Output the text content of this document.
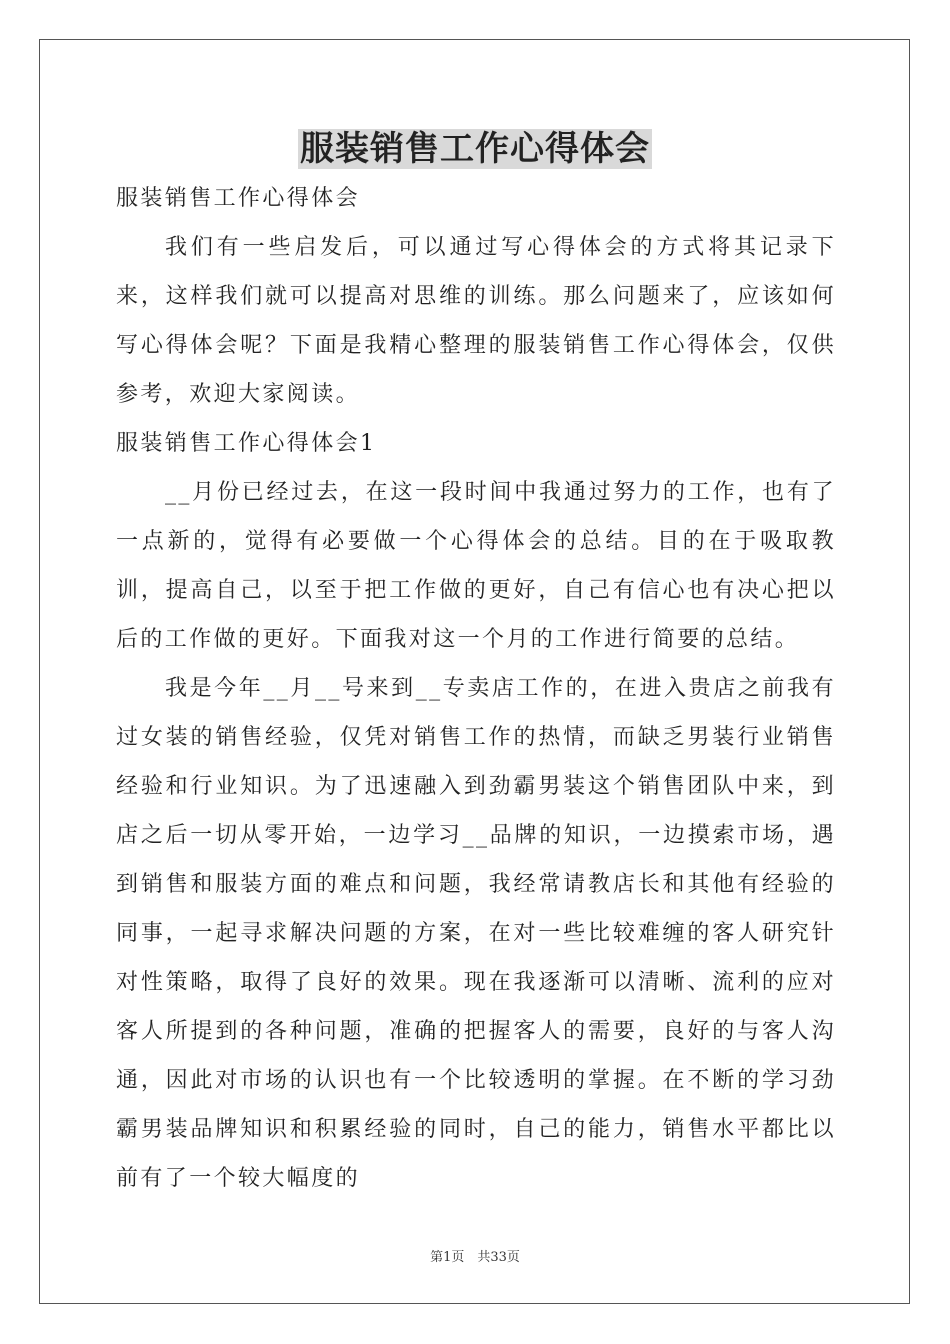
服装销售工作心得体会

服装销售工作心得体会

我们有一些启发后，可以通过写心得体会的方式将其记录下来，这样我们就可以提高对思维的训练。那么问题来了，应该如何写心得体会呢？下面是我精心整理的服装销售工作心得体会，仅供参考，欢迎大家阅读。

服装销售工作心得体会1

__月份已经过去，在这一段时间中我通过努力的工作，也有了一点新的，觉得有必要做一个心得体会的总结。目的在于吸取教训，提高自己，以至于把工作做的更好，自己有信心也有决心把以后的工作做的更好。下面我对这一个月的工作进行简要的总结。

我是今年__月__号来到__专卖店工作的，在进入贵店之前我有过女装的销售经验，仅凭对销售工作的热情，而缺乏男装行业销售经验和行业知识。为了迅速融入到劲霸男装这个销售团队中来，到店之后一切从零开始，一边学习__品牌的知识，一边摸索市场，遇到销售和服装方面的难点和问题，我经常请教店长和其他有经验的同事，一起寻求解决问题的方案，在对一些比较难缠的客人研究针对性策略，取得了良好的效果。现在我逐渐可以清晰、流利的应对客人所提到的各种问题，准确的把握客人的需要，良好的与客人沟通，因此对市场的认识也有一个比较透明的掌握。在不断的学习劲霸男装品牌知识和积累经验的同时，自己的能力，销售水平都比以前有了一个较大幅度的

第1页　共33页
